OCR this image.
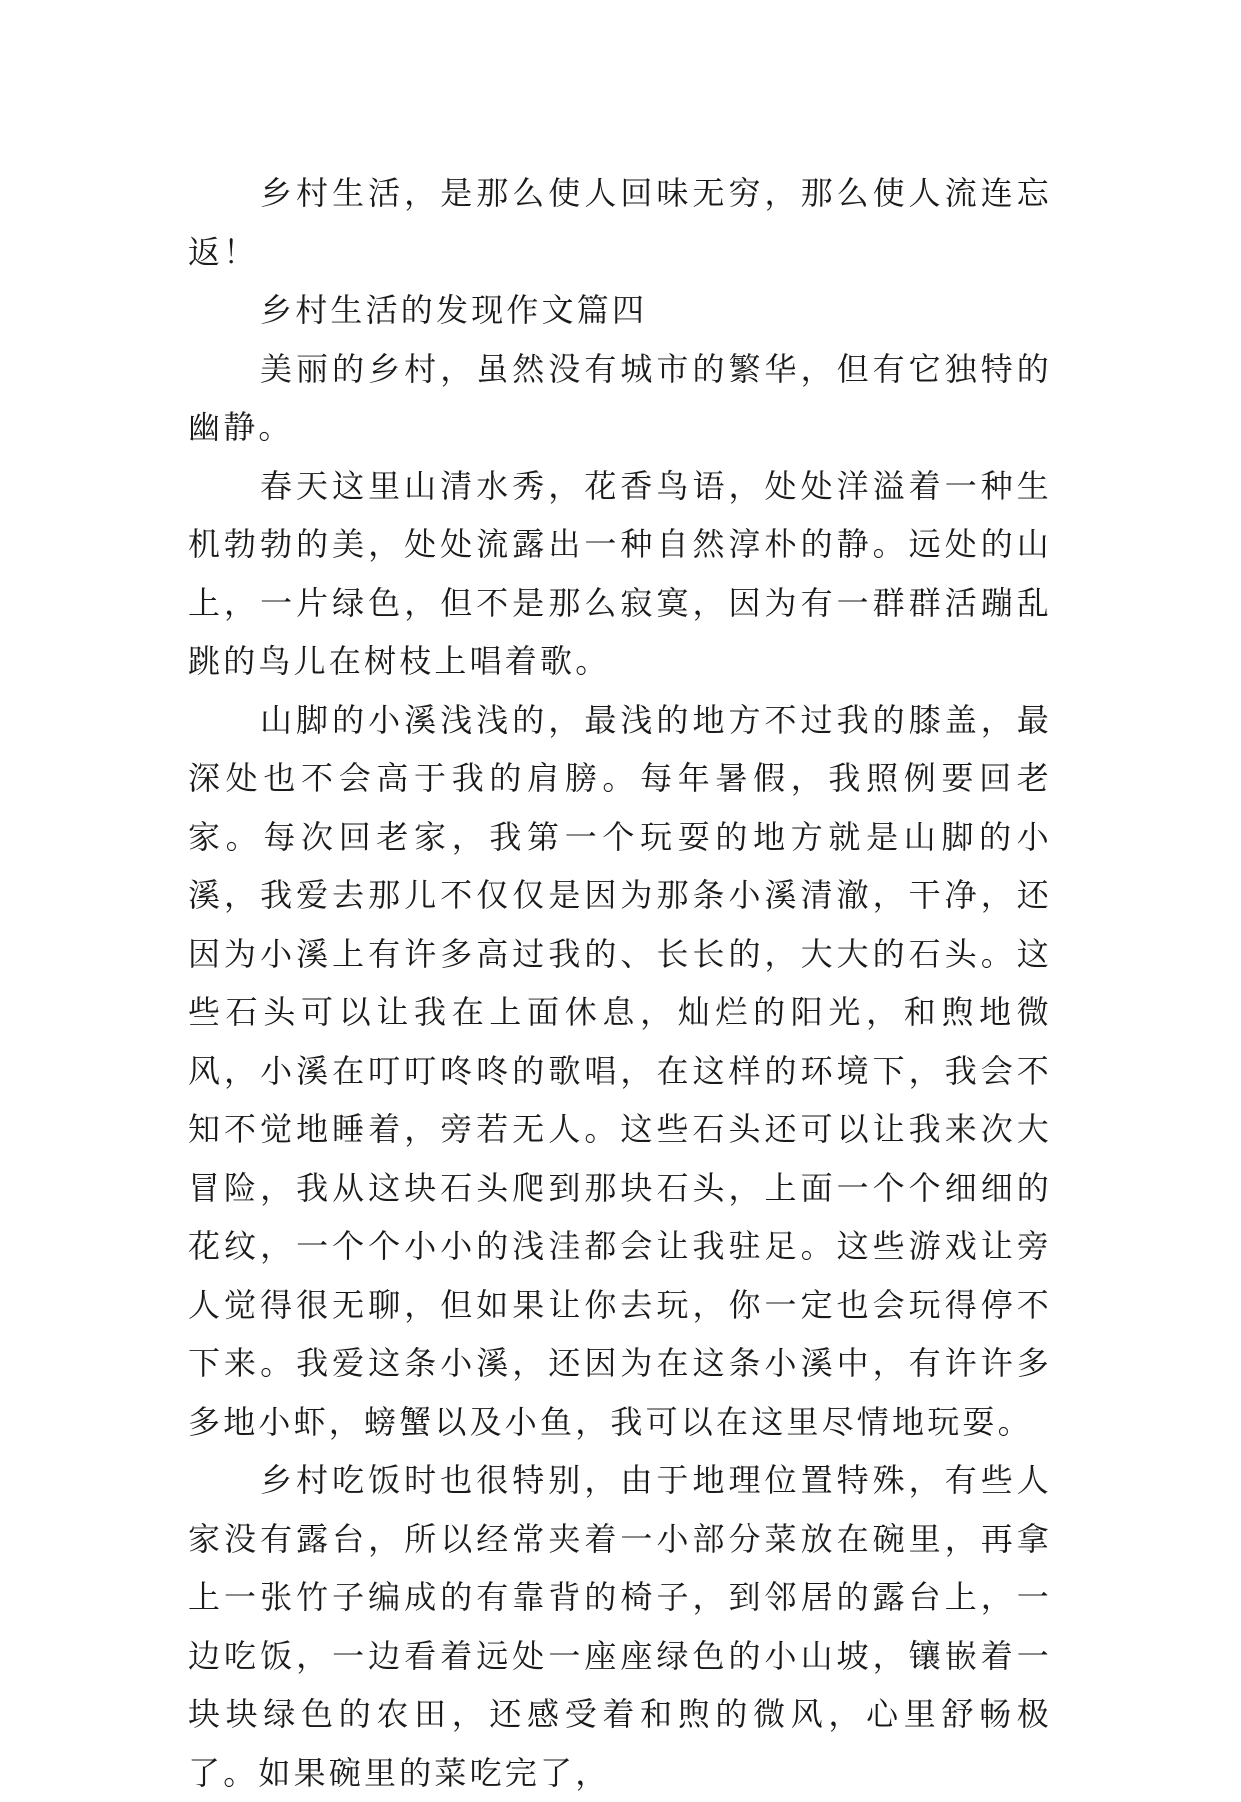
乡村生活，是那么使人回味无穷，那么使人流连忘返！

乡村生活的发现作文篇四

美丽的乡村，虽然没有城市的繁华，但有它独特的幽静。

春天这里山清水秀，花香鸟语，处处洋溢着一种生机勃勃的美，处处流露出一种自然淳朴的静。远处的山上，一片绿色，但不是那么寂寞，因为有一群群活蹦乱跳的鸟儿在树枝上唱着歌。

山脚的小溪浅浅的，最浅的地方不过我的膝盖，最深处也不会高于我的肩膀。每年暑假，我照例要回老家。每次回老家，我第一个玩耍的地方就是山脚的小溪，我爱去那儿不仅仅是因为那条小溪清澈，干净，还因为小溪上有许多高过我的、长长的，大大的石头。这些石头可以让我在上面休息，灿烂的阳光，和煦地微风，小溪在叮叮咚咚的歌唱，在这样的环境下，我会不知不觉地睡着，旁若无人。这些石头还可以让我来次大冒险，我从这块石头爬到那块石头，上面一个个细细的花纹，一个个小小的浅洼都会让我驻足。这些游戏让旁人觉得很无聊，但如果让你去玩，你一定也会玩得停不下来。我爱这条小溪，还因为在这条小溪中，有许许多多地小虾，螃蟹以及小鱼，我可以在这里尽情地玩耍。

乡村吃饭时也很特别，由于地理位置特殊，有些人家没有露台，所以经常夹着一小部分菜放在碗里，再拿上一张竹子编成的有靠背的椅子，到邻居的露台上，一边吃饭，一边看着远处一座座绿色的小山坡，镶嵌着一块块绿色的农田，还感受着和煦的微风，心里舒畅极了。如果碗里的菜吃完了，
